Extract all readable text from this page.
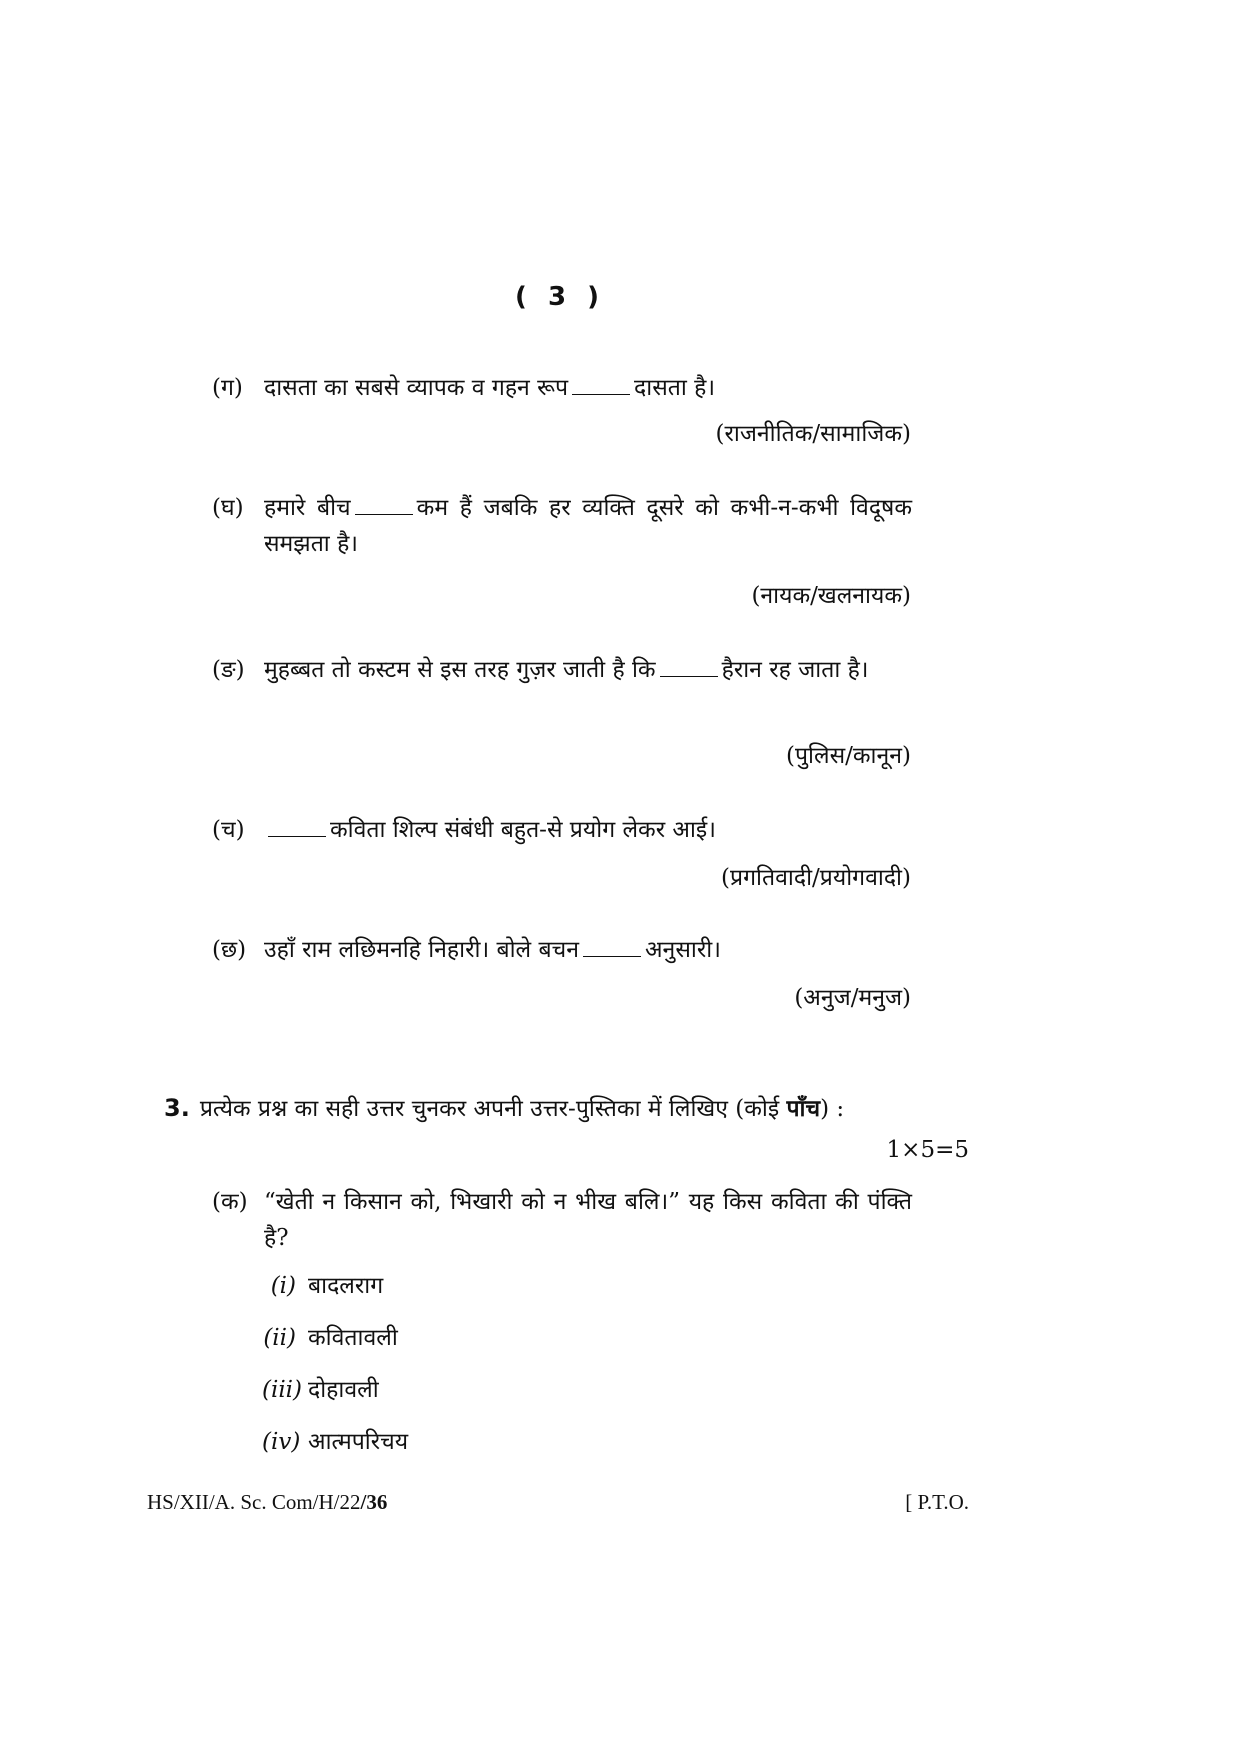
( 3 )
(ग) दासता का सबसे व्यापक व गहन रूप	दासता है।
(राजनीतिक/सामाजिक)
(घ) हमारे बीच	कम हैं जबकि हर व्यक्ति दूसरे को कभी-न-कभी विदूषक समझता है।
(नायक/खलनायक)
(ङ) मुहब्बत तो कस्टम से इस तरह गुज़र जाती है कि	हैरान रह जाता है।
(पुलिस/कानून)
(च)	कविता शिल्प संबंधी बहुत-से प्रयोग लेकर आई।
(प्रगतिवादी/प्रयोगवादी)
(छ) उहाँ राम लछिमनहि निहारी। बोले बचन	अनुसारी।
(अनुज/मनुज)
3. प्रत्येक प्रश्न का सही उत्तर चुनकर अपनी उत्तर-पुस्तिका में लिखिए (कोई पाँच) :
1×5=5
(क) “खेती न किसान को, भिखारी को न भीख बलि।” यह किस कविता की पंक्ति है?
(i) बादलराग
(ii) कवितावली
(iii) दोहावली
(iv) आत्मपरिचय
HS/XII/A. Sc. Com/H/22/36	[ P.T.O.
